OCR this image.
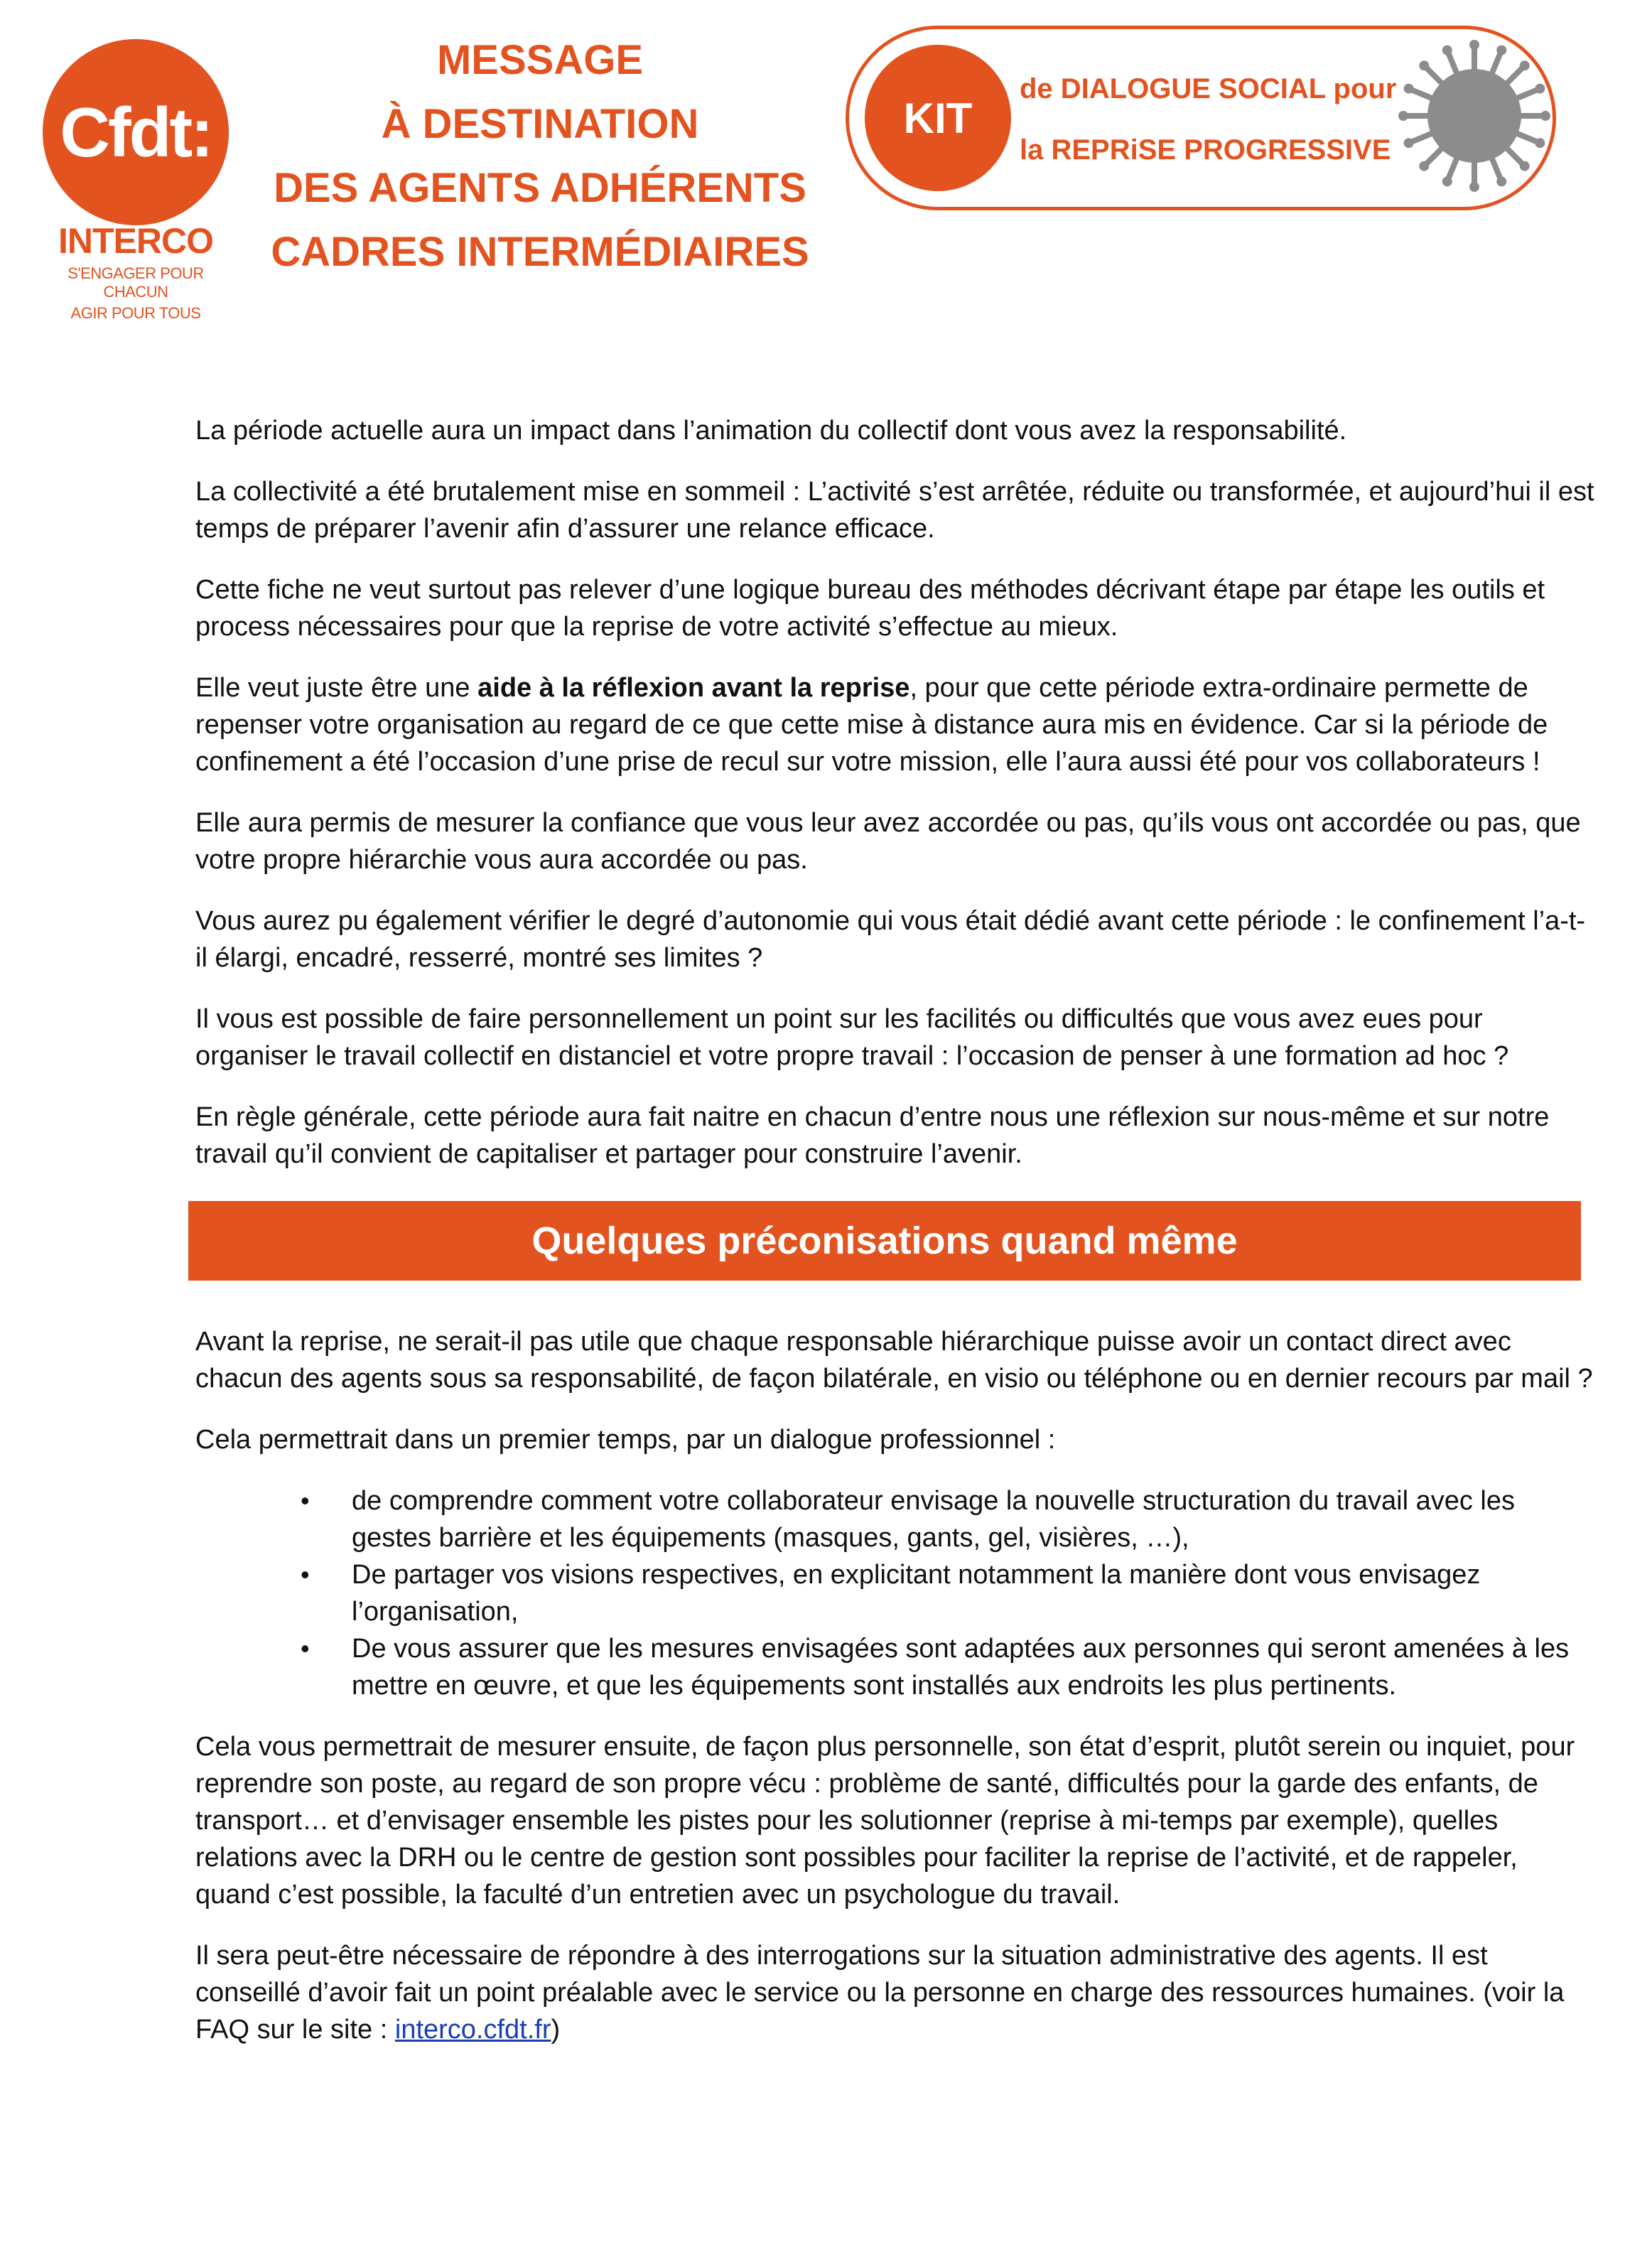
Cfdt:
INTERCO
S'ENGAGER POUR CHACUN
AGIR POUR TOUS
MESSAGE
À DESTINATION
DES AGENTS ADHÉRENTS
CADRES INTERMÉDIAIRES
KIT
de DIALOGUE SOCIAL pour
la REPRiSE PROGRESSIVE

La période actuelle aura un impact dans l’animation du collectif dont vous avez la responsabilité.

La collectivité a été brutalement mise en sommeil : L’activité s’est arrêtée, réduite ou transformée, et aujourd’hui il est temps de préparer l’avenir afin d’assurer une relance efficace.

Cette fiche ne veut surtout pas relever d’une logique bureau des méthodes décrivant étape par étape les outils et process nécessaires pour que la reprise de votre activité s’effectue au mieux.

Elle veut juste être une aide à la réflexion avant la reprise, pour que cette période extra-ordinaire permette de repenser votre organisation au regard de ce que cette mise à distance aura mis en évidence. Car si la période de confinement a été l’occasion d’une prise de recul sur votre mission, elle l’aura aussi été pour vos collaborateurs !

Elle aura permis de mesurer la confiance que vous leur avez accordée ou pas, qu’ils vous ont accordée ou pas, que votre propre hiérarchie vous aura accordée ou pas.

Vous aurez pu également vérifier le degré d’autonomie qui vous était dédié avant cette période : le confinement l’a-t-il élargi, encadré, resserré, montré ses limites ?

Il vous est possible de faire personnellement un point sur les facilités ou difficultés que vous avez eues pour organiser le travail collectif en distanciel et votre propre travail : l’occasion de penser à une formation ad hoc ?

En règle générale, cette période aura fait naitre en chacun d’entre nous une réflexion sur nous-même et sur notre travail qu’il convient de capitaliser et partager pour construire l’avenir.

Quelques préconisations quand même

Avant la reprise, ne serait-il pas utile que chaque responsable hiérarchique puisse avoir un contact direct avec chacun des agents sous sa responsabilité, de façon bilatérale, en visio ou téléphone ou en dernier recours par mail ?

Cela permettrait dans un premier temps, par un dialogue professionnel :

• de comprendre comment votre collaborateur envisage la nouvelle structuration du travail avec les gestes barrière et les équipements (masques, gants, gel, visières, …),
• De partager vos visions respectives, en explicitant notamment la manière dont vous envisagez l’organisation,
• De vous assurer que les mesures envisagées sont adaptées aux personnes qui seront amenées à les mettre en œuvre, et que les équipements sont installés aux endroits les plus pertinents.

Cela vous permettrait de mesurer ensuite, de façon plus personnelle, son état d’esprit, plutôt serein ou inquiet, pour reprendre son poste, au regard de son propre vécu : problème de santé, difficultés pour la garde des enfants, de transport… et d’envisager ensemble les pistes pour les solutionner (reprise à mi-temps par exemple), quelles relations avec la DRH ou le centre de gestion sont possibles pour faciliter la reprise de l’activité, et de rappeler, quand c’est possible, la faculté d’un entretien avec un psychologue du travail.

Il sera peut-être nécessaire de répondre à des interrogations sur la situation administrative des agents. Il est conseillé d’avoir fait un point préalable avec le service ou la personne en charge des ressources humaines. (voir la FAQ sur le site : interco.cfdt.fr)
